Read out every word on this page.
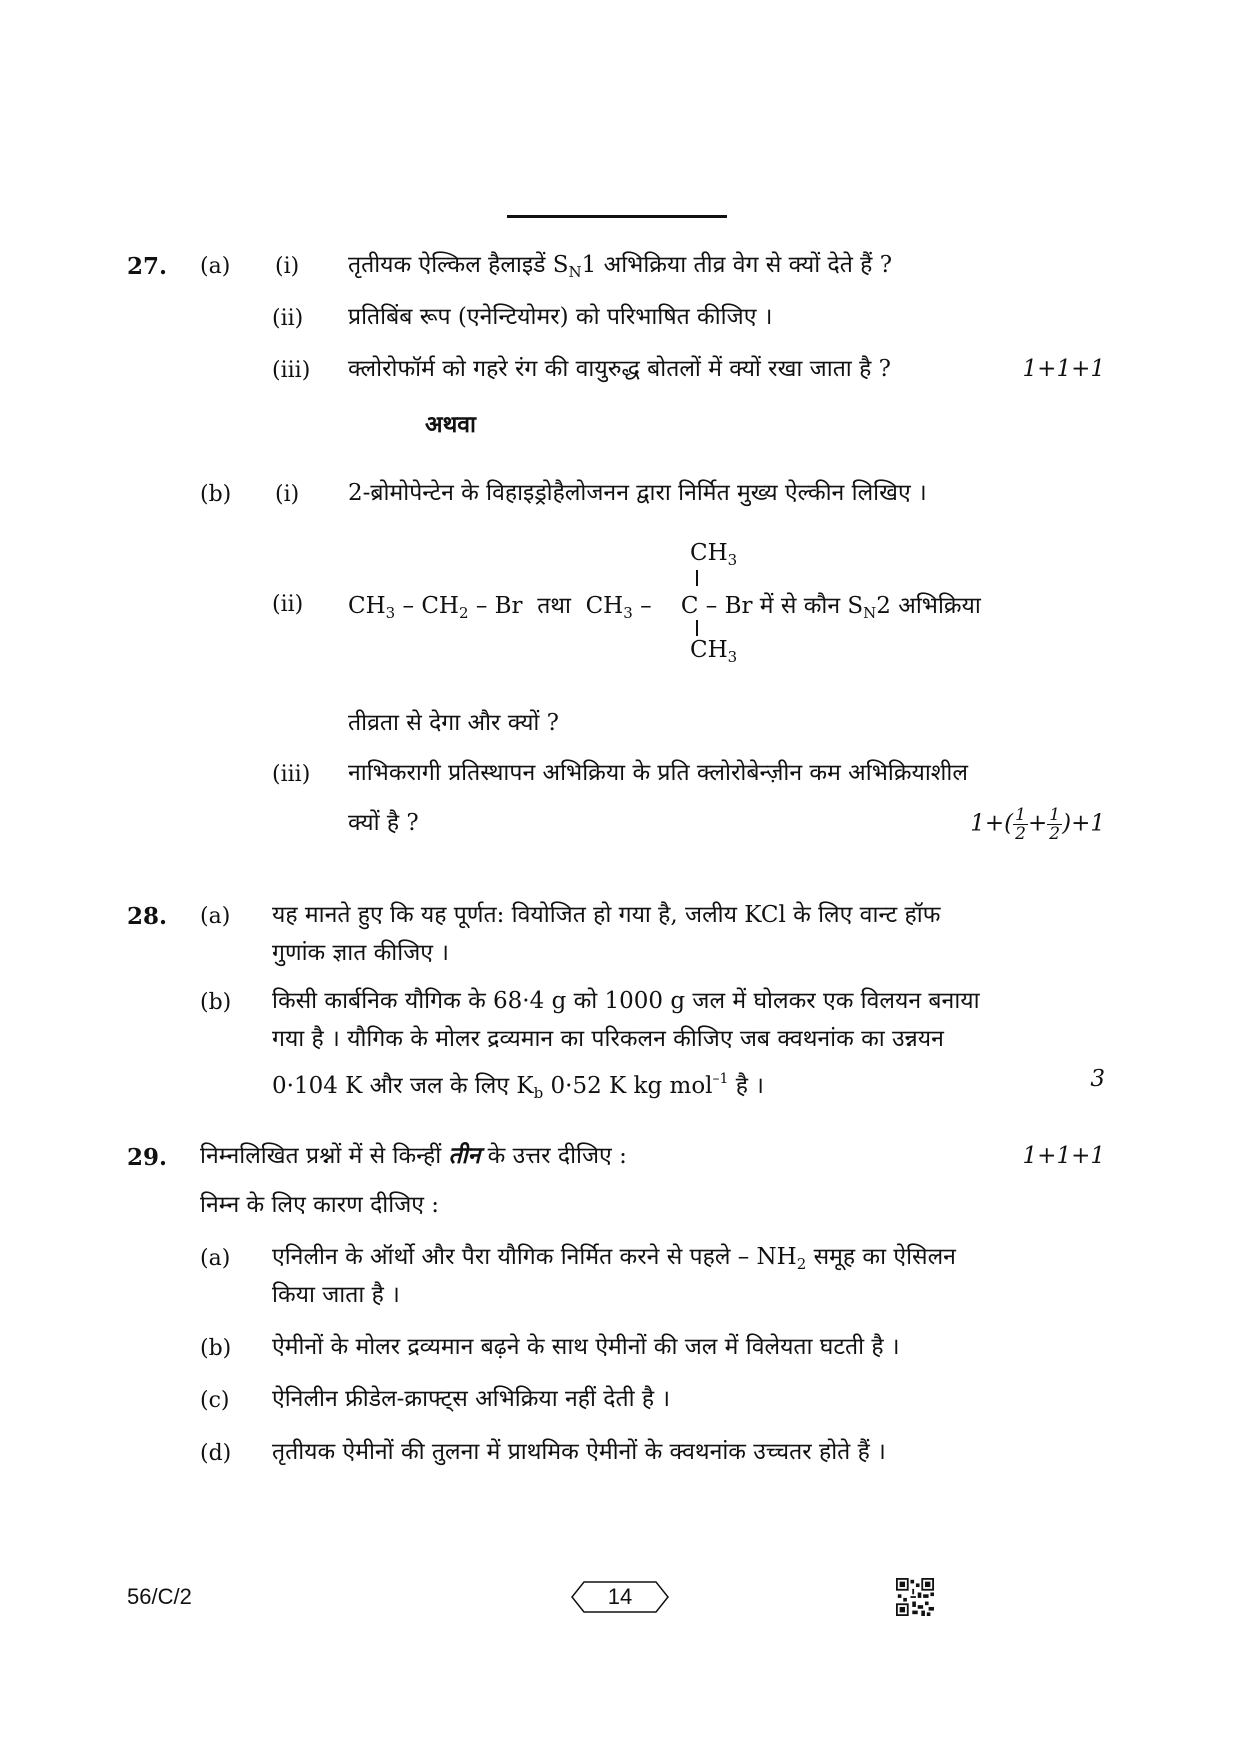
27. (a) (i) तृतीयक ऐल्किल हैलाइडें $S_N1$ अभिक्रिया तीव्र वेग से क्यों देते हैं ?
(ii) प्रतिबिंब रूप (एनेन्टियोमर) को परिभाषित कीजिए ।
(iii) क्लोरोफॉर्म को गहरे रंग की वायुरुद्ध बोतलों में क्यों रखा जाता है ?	1+1+1
अथवा
(b) (i) 2-ब्रोमोपेन्टेन के विहाइड्रोहैलोजनन द्वारा निर्मित मुख्य ऐल्कीन लिखिए ।
$CH_3$
(ii) $CH_3 - CH_2$ – Br तथा $CH_3$ – C – Br में से कौन $S_N2$ अभिक्रिया
$CH_3$
तीव्रता से देगा और क्यों ?
(iii) नाभिकरागी प्रतिस्थापन अभिक्रिया के प्रति क्लोरोबेन्ज़ीन कम अभिक्रियाशील
क्यों है ?	$1+( \frac{1}{2} + \frac{1}{2} )+1$
28. (a) यह मानते हुए कि यह पूर्णत: वियोजित हो गया है, जलीय KCl के लिए वान्ट हॉफ
गुणांक ज्ञात कीजिए ।
(b) किसी कार्बनिक यौगिक के 68·4 g को 1000 g जल में घोलकर एक विलयन बनाया
गया है । यौगिक के मोलर द्रव्यमान का परिकलन कीजिए जब क्वथनांक का उन्नयन
0·104 K और जल के लिए $K_b$ 0·52 K kg mol$^{-1}$ है ।	3
29. निम्नलिखित प्रश्नों में से किन्हीं तीन के उत्तर दीजिए :	1+1+1
निम्न के लिए कारण दीजिए :
(a) एनिलीन के ऑर्थो और पैरा यौगिक निर्मित करने से पहले – $NH_2$ समूह का ऐसिलन
किया जाता है ।
(b) ऐमीनों के मोलर द्रव्यमान बढ़ने के साथ ऐमीनों की जल में विलेयता घटती है ।
(c) ऐनिलीन फ्रीडेल-क्राफ्ट्स अभिक्रिया नहीं देती है ।
(d) तृतीयक ऐमीनों की तुलना में प्राथमिक ऐमीनों के क्वथनांक उच्चतर होते हैं ।
56/C/2	14
